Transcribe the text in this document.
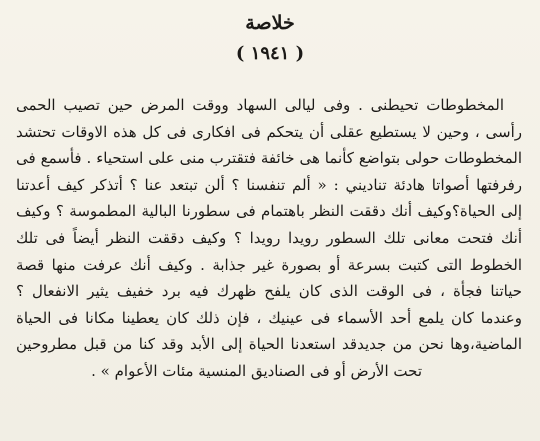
خلاصة
( ١٩٤١ )
المخطوطات تحيطنى . وفى ليالى السهاد ووقت المرض حين تصيب الحمى
رأسى ، وحين لا يستطيع عقلى أن يتحكم فى افكارى فى كل هذه الاوقات تحتشد
المخطوطات حولى بتواضع كأنما هى خائفة فتقترب منى على استحياء . فأسمع فى
رفرفتها أصواتا هادئة تناديني : « ألم تنفسنا ؟ ألن تبتعد عنا ؟ أتذكر كيف أعدتنا
إلى الحياة؟وكيف أنك دققت النظر باهتمام فى سطورنا البالية المطموسة ؟ وكيف
أنك فتحت معانى تلك السطور رويدا رويدا ؟ وكيف دققت النظر أيضاً فى تلك
الخطوط التى كتبت بسرعة أو بصورة غير جذابة . وكيف أنك عرفت منها قصة
حياتنا فجأة ، فى الوقت الذى كان يلفح ظهرك فيه برد خفيف يثير الانفعال ؟
وعندما كان يلمع أحد الأسماء فى عينيك ، فإن ذلك كان يعطينا مكانا فى الحياة
الماضية،وها نحن من جديدقد استعدنا الحياة إلى الأبد وقد كنا من قبل مطروحين
تحت الأرض أو فى الصناديق المنسية مئات الأعوام » .
